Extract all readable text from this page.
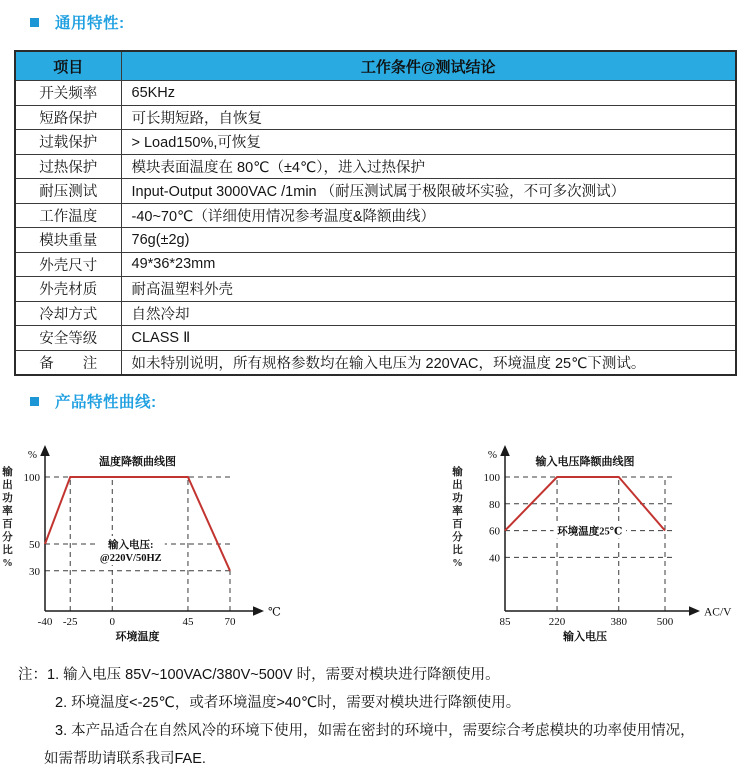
通用特性:
项目	工作条件@测试结论
开关频率	65KHz
短路保护	可长期短路，自恢复
过载保护	> Load150%,可恢复
过热保护	模块表面温度在 80℃（±4℃），进入过热保护
耐压测试	Input-Output 3000VAC /1min （耐压测试属于极限破坏实验，不可多次测试）
工作温度	-40~70℃（详细使用情况参考温度&降额曲线）
模块重量	76g(±2g)
外壳尺寸	49*36*23mm
外壳材质	耐高温塑料外壳
冷却方式	自然冷却
安全等级	CLASS Ⅱ
备　　注	如未特别说明，所有规格参数均在输入电压为 220VAC，环境温度 25℃下测试。
产品特性曲线:
输
出
功
率
百
分
比
%
-40 -25	0	45	70
100
50
30
温度降额曲线图
%
℃
环境温度
输入电压:
@220V/50HZ
输
出
功
率
百
分
比
%
85	220	380	500
100
80
60
40
输入电压降额曲线图
%
AC/V
输入电压
环境温度25℃
注：1. 输入电压 85V~100VAC/380V~500V 时，需要对模块进行降额使用。
2. 环境温度<-25℃，或者环境温度>40℃时，需要对模块进行降额使用。
3. 本产品适合在自然风冷的环境下使用，如需在密封的环境中，需要综合考虑模块的功率使用情况，
如需帮助请联系我司FAE.
